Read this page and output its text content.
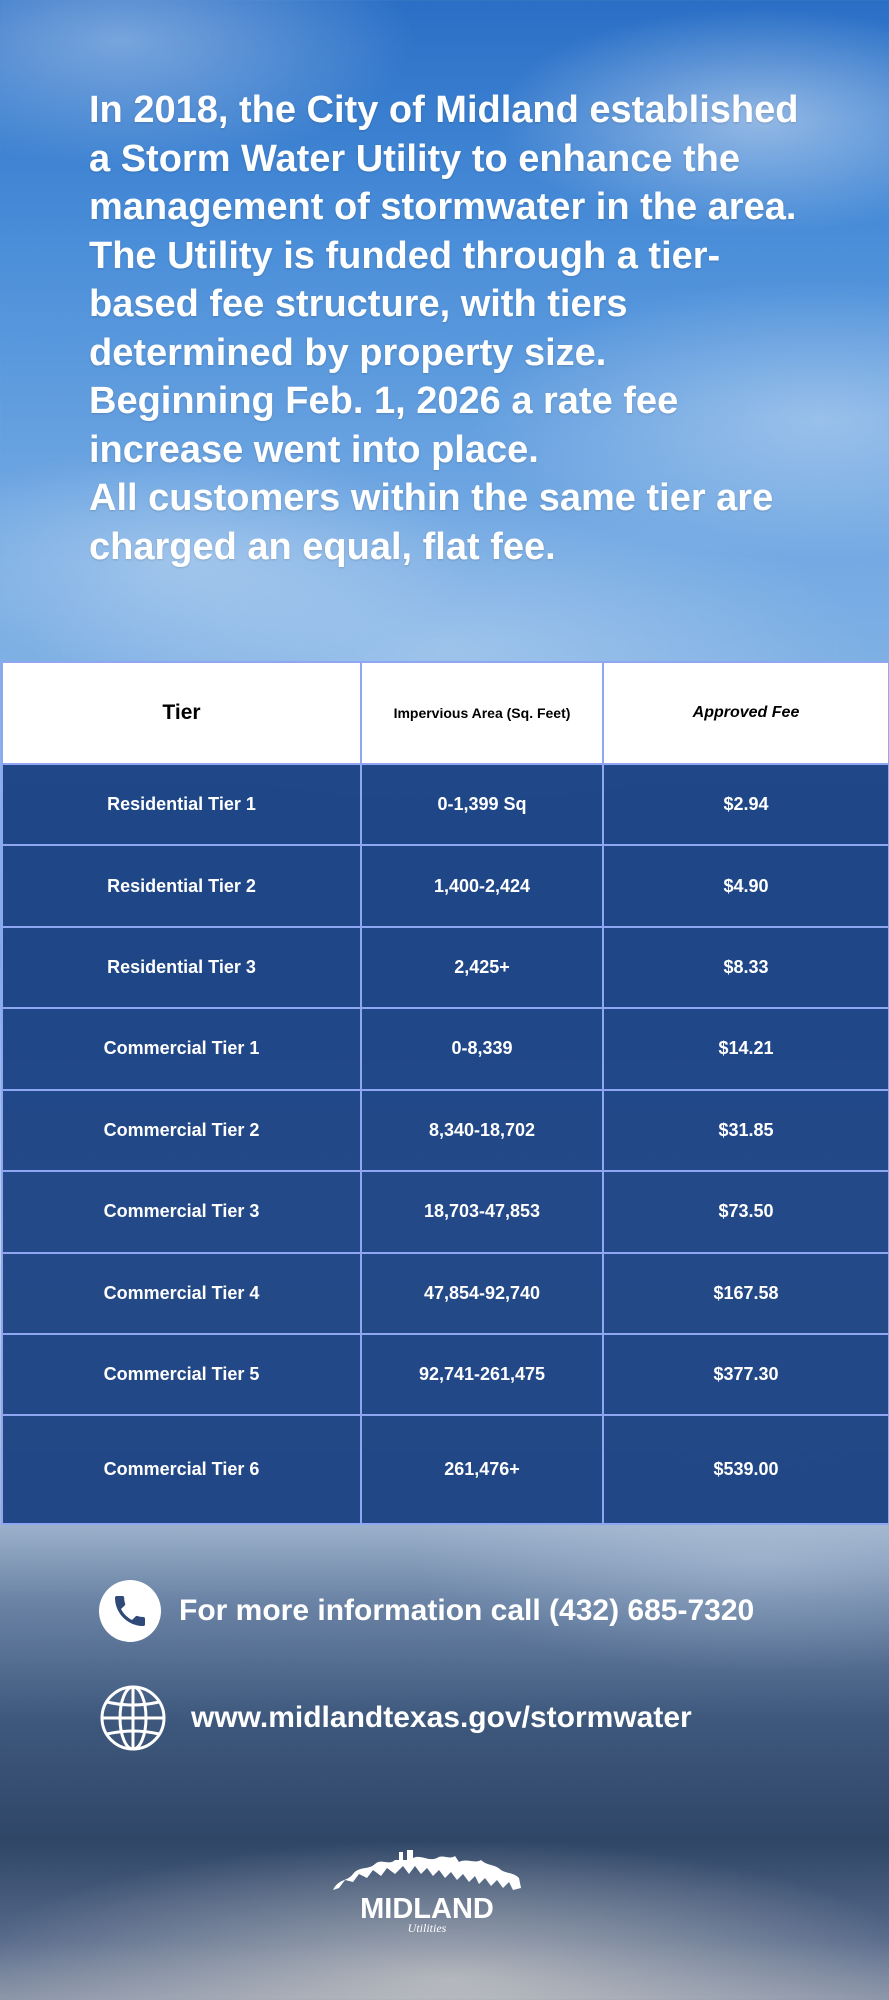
In 2018, the City of Midland established a Storm Water Utility to enhance the management of stormwater in the area. The Utility is funded through a tier-based fee structure, with tiers determined by property size.

Beginning Feb. 1, 2026 a rate fee increase went into place.

All customers within the same tier are charged an equal, flat fee.

Tier	Impervious Area (Sq. Feet)	Approved Fee
Residential Tier 1	0-1,399 Sq	$2.94
Residential Tier 2	1,400-2,424	$4.90
Residential Tier 3	2,425+	$8.33
Commercial Tier 1	0-8,339	$14.21
Commercial Tier 2	8,340-18,702	$31.85
Commercial Tier 3	18,703-47,853	$73.50
Commercial Tier 4	47,854-92,740	$167.58
Commercial Tier 5	92,741-261,475	$377.30
Commercial Tier 6	261,476+	$539.00
For more information call (432) 685-7320
www.midlandtexas.gov/stormwater
MIDLAND
Utilities
